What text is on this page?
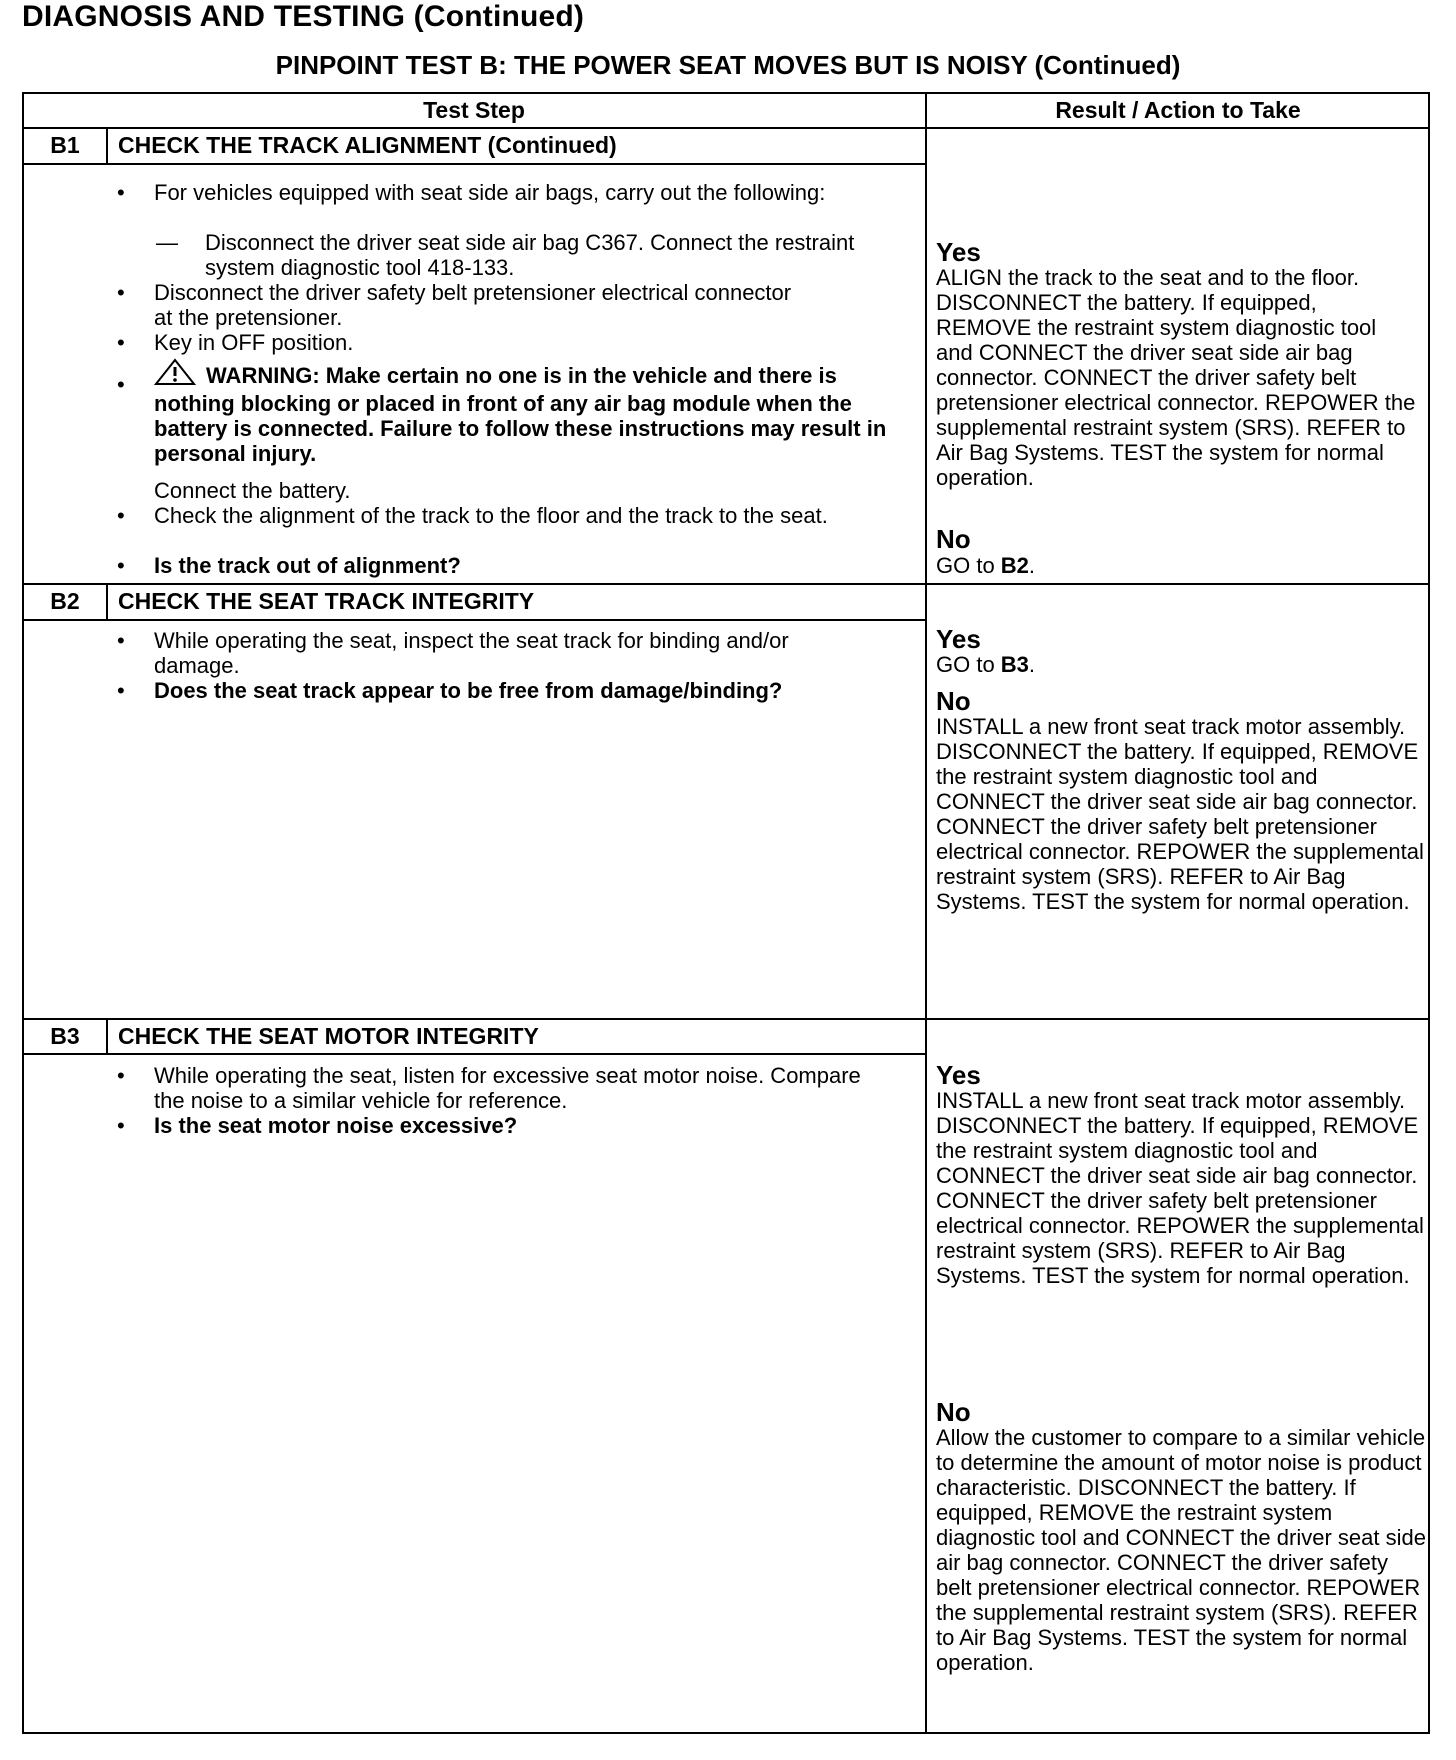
DIAGNOSIS AND TESTING (Continued)
PINPOINT TEST B: THE POWER SEAT MOVES BUT IS NOISY (Continued)
Test Step	Result / Action to Take
B1	CHECK THE TRACK ALIGNMENT (Continued)
•	For vehicles equipped with seat side air bags, carry out the following:
— Disconnect the driver seat side air bag C367. Connect the restraint system diagnostic tool 418-133.
•	Disconnect the driver safety belt pretensioner electrical connector at the pretensioner.
•	Key in OFF position.
•	WARNING: Make certain no one is in the vehicle and there is nothing blocking or placed in front of any air bag module when the battery is connected. Failure to follow these instructions may result in personal injury.
Connect the battery.
•	Check the alignment of the track to the floor and the track to the seat.
•	Is the track out of alignment?
Yes
ALIGN the track to the seat and to the floor. DISCONNECT the battery. If equipped, REMOVE the restraint system diagnostic tool and CONNECT the driver seat side air bag connector. CONNECT the driver safety belt pretensioner electrical connector. REPOWER the supplemental restraint system (SRS). REFER to Air Bag Systems. TEST the system for normal operation.
No
GO to B2.
B2	CHECK THE SEAT TRACK INTEGRITY
•	While operating the seat, inspect the seat track for binding and/or damage.
•	Does the seat track appear to be free from damage/binding?
Yes
GO to B3.
No
INSTALL a new front seat track motor assembly. DISCONNECT the battery. If equipped, REMOVE the restraint system diagnostic tool and CONNECT the driver seat side air bag connector. CONNECT the driver safety belt pretensioner electrical connector. REPOWER the supplemental restraint system (SRS). REFER to Air Bag Systems. TEST the system for normal operation.
B3	CHECK THE SEAT MOTOR INTEGRITY
•	While operating the seat, listen for excessive seat motor noise. Compare the noise to a similar vehicle for reference.
•	Is the seat motor noise excessive?
Yes
INSTALL a new front seat track motor assembly. DISCONNECT the battery. If equipped, REMOVE the restraint system diagnostic tool and CONNECT the driver seat side air bag connector. CONNECT the driver safety belt pretensioner electrical connector. REPOWER the supplemental restraint system (SRS). REFER to Air Bag Systems. TEST the system for normal operation.
No
Allow the customer to compare to a similar vehicle to determine the amount of motor noise is product characteristic. DISCONNECT the battery. If equipped, REMOVE the restraint system diagnostic tool and CONNECT the driver seat side air bag connector. CONNECT the driver safety belt pretensioner electrical connector. REPOWER the supplemental restraint system (SRS). REFER to Air Bag Systems. TEST the system for normal operation.
